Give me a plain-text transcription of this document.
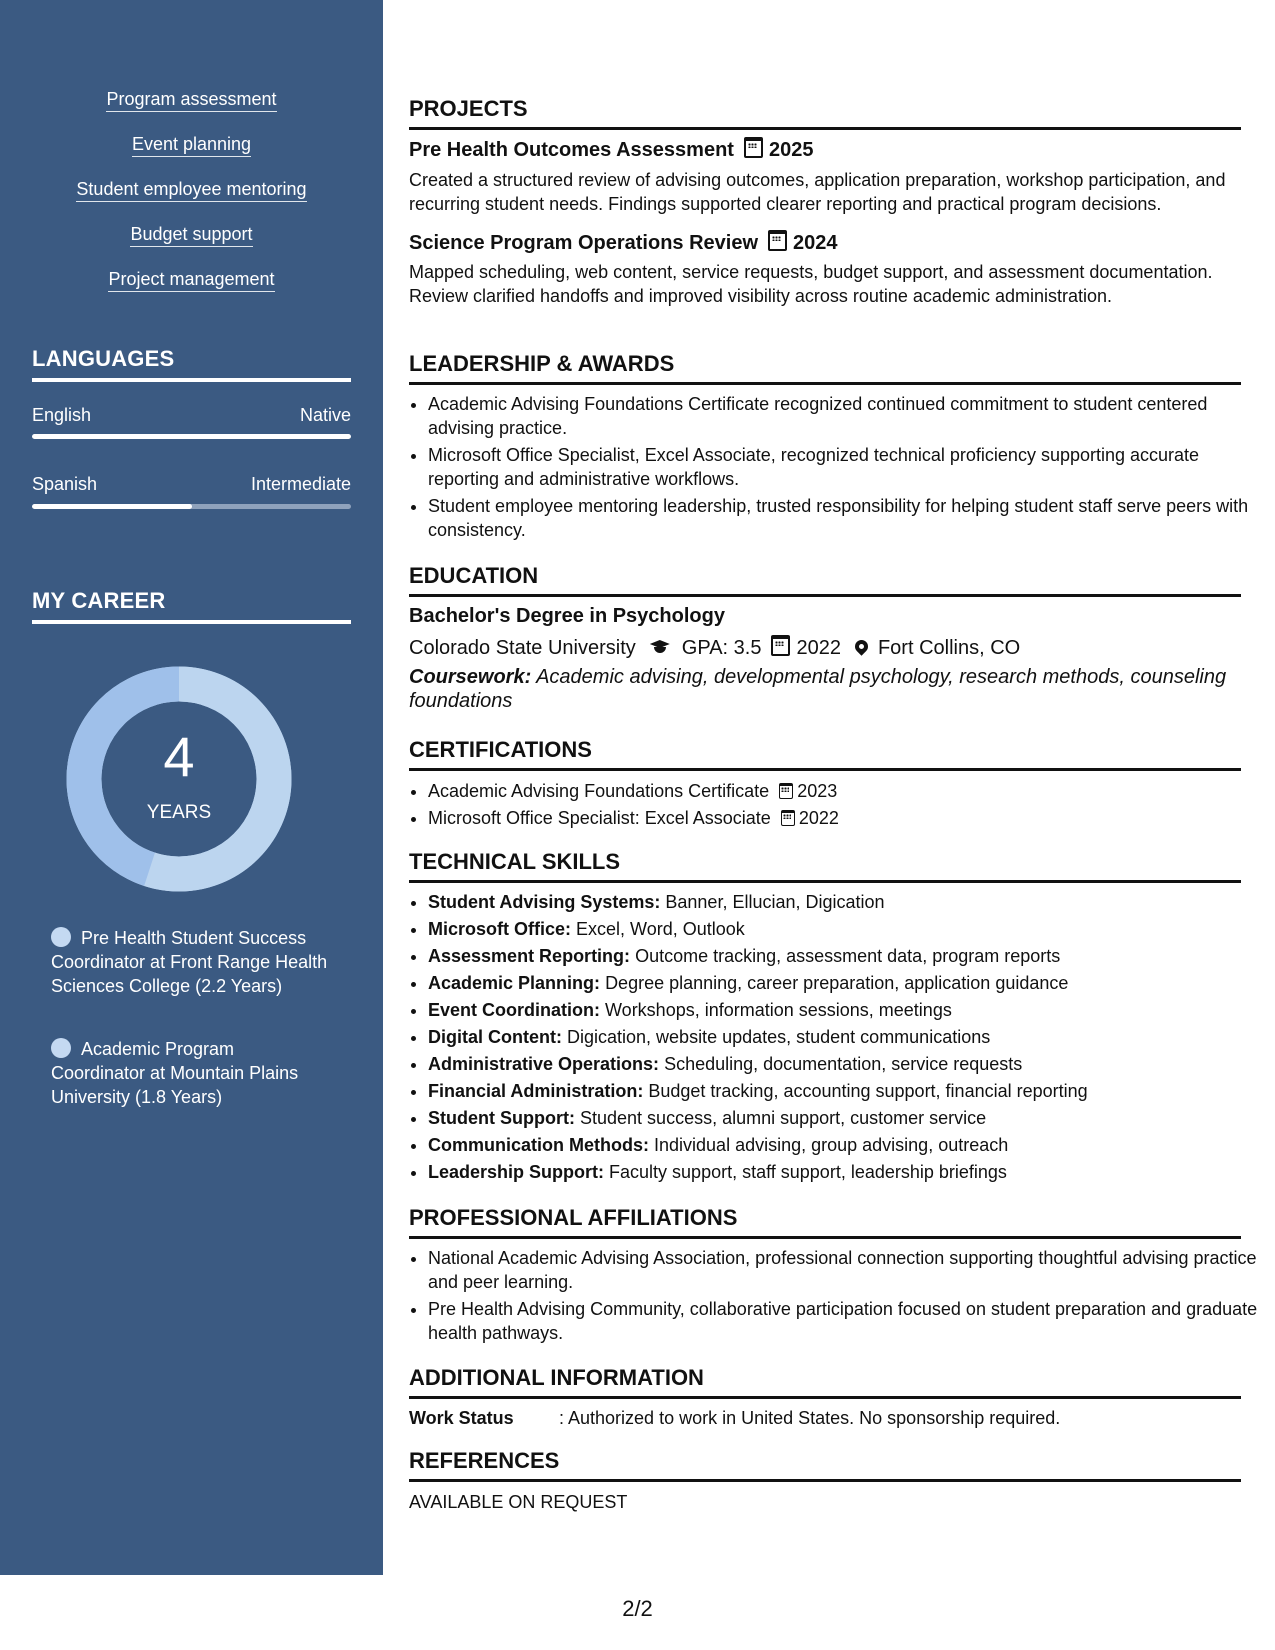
Program assessment
Event planning
Student employee mentoring
Budget support
Project management
LANGUAGES
English	Native
Spanish	Intermediate
MY CAREER
4
YEARS
Pre Health Student Success Coordinator at Front Range Health Sciences College (2.2 Years)
Academic Program Coordinator at Mountain Plains University (1.8 Years)
PROJECTS
Pre Health Outcomes Assessment 2025
Created a structured review of advising outcomes, application preparation, workshop participation, and recurring student needs. Findings supported clearer reporting and practical program decisions.
Science Program Operations Review 2024
Mapped scheduling, web content, service requests, budget support, and assessment documentation. Review clarified handoffs and improved visibility across routine academic administration.
LEADERSHIP & AWARDS
• Academic Advising Foundations Certificate recognized continued commitment to student centered advising practice.
• Microsoft Office Specialist, Excel Associate, recognized technical proficiency supporting accurate reporting and administrative workflows.
• Student employee mentoring leadership, trusted responsibility for helping student staff serve peers with consistency.
EDUCATION
Bachelor's Degree in Psychology
Colorado State University GPA: 3.5 2022 Fort Collins, CO
Coursework: Academic advising, developmental psychology, research methods, counseling foundations
CERTIFICATIONS
• Academic Advising Foundations Certificate 2023
• Microsoft Office Specialist: Excel Associate 2022
TECHNICAL SKILLS
• Student Advising Systems: Banner, Ellucian, Digication
• Microsoft Office: Excel, Word, Outlook
• Assessment Reporting: Outcome tracking, assessment data, program reports
• Academic Planning: Degree planning, career preparation, application guidance
• Event Coordination: Workshops, information sessions, meetings
• Digital Content: Digication, website updates, student communications
• Administrative Operations: Scheduling, documentation, service requests
• Financial Administration: Budget tracking, accounting support, financial reporting
• Student Support: Student success, alumni support, customer service
• Communication Methods: Individual advising, group advising, outreach
• Leadership Support: Faculty support, staff support, leadership briefings
PROFESSIONAL AFFILIATIONS
• National Academic Advising Association, professional connection supporting thoughtful advising practice and peer learning.
• Pre Health Advising Community, collaborative participation focused on student preparation and graduate health pathways.
ADDITIONAL INFORMATION
Work Status	: Authorized to work in United States. No sponsorship required.
REFERENCES
AVAILABLE ON REQUEST
2/2
